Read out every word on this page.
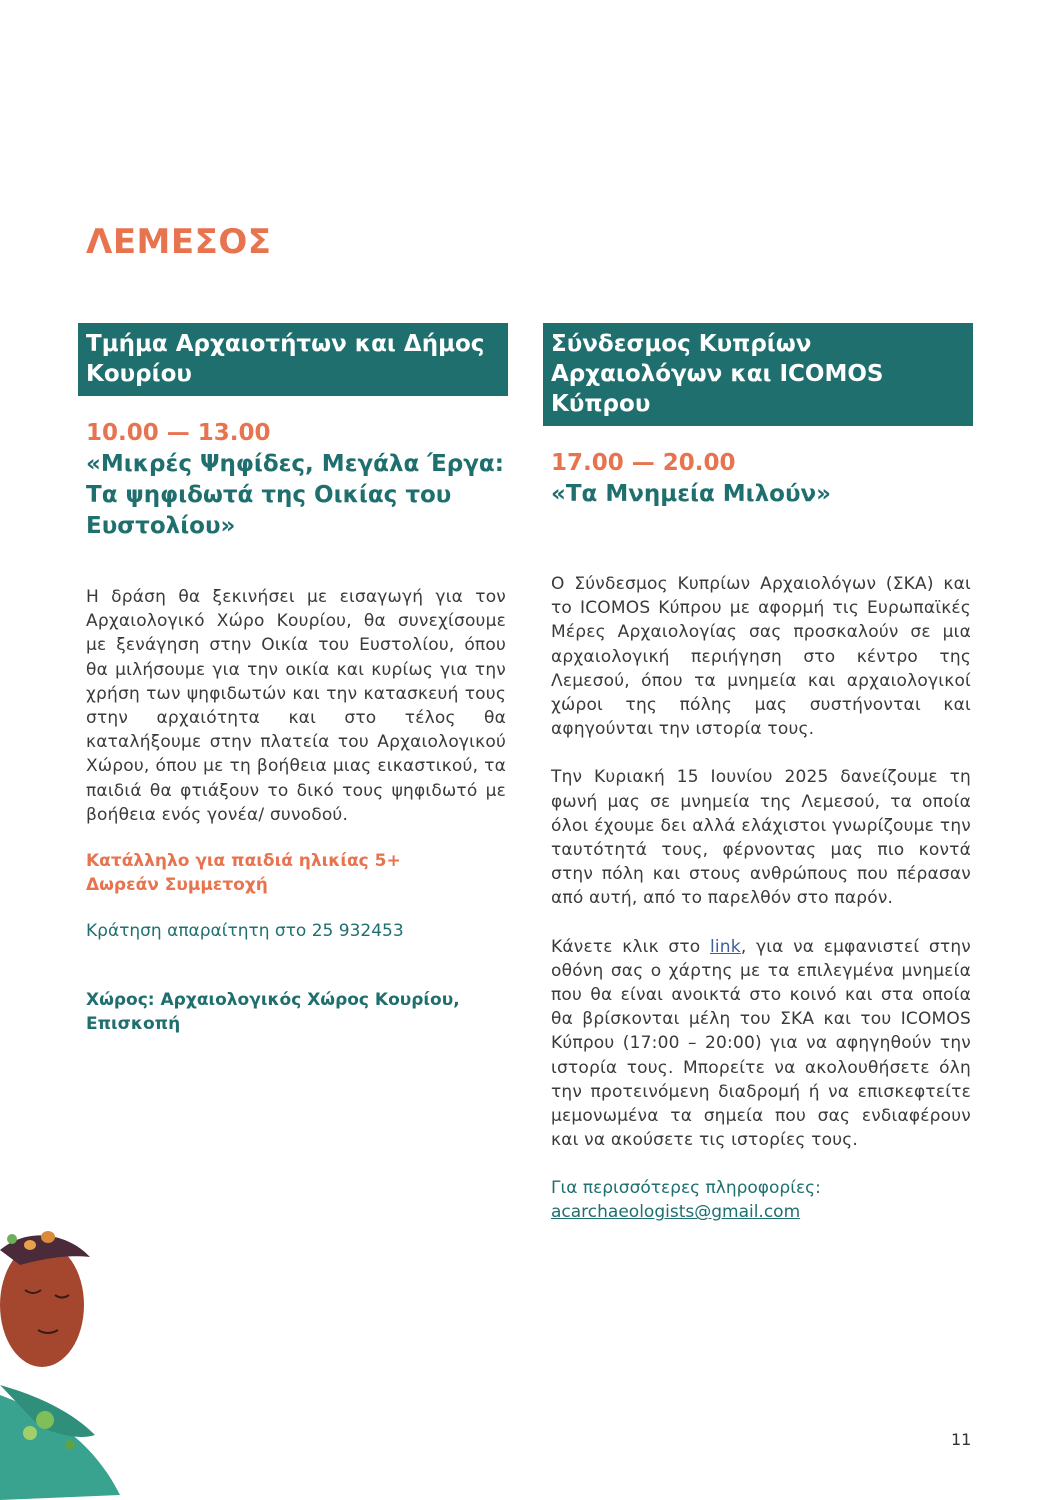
ΛΕΜΕΣΟΣ
Τμήμα Αρχαιοτήτων και Δήμος Κουρίου
10.00 — 13.00
«Μικρές Ψηφίδες, Μεγάλα Έργα: Τα ψηφιδωτά της Οικίας του Ευστολίου»

Η δράση θα ξεκινήσει με εισαγωγή για τον Αρχαιολογικό Χώρο Κουρίου, θα συνεχίσουμε με ξενάγηση στην Οικία του Ευστολίου, όπου θα μιλήσουμε για την οικία και κυρίως για την χρήση των ψηφιδωτών και την κατασκευή τους στην αρχαιότητα και στο τέλος θα καταλήξουμε στην πλατεία του Αρχαιολογικού Χώρου, όπου με τη βοήθεια μιας εικαστικού, τα παιδιά θα φτιάξουν το δικό τους ψηφιδωτό με βοήθεια ενός γονέα/ συνοδού.

Κατάλληλο για παιδιά ηλικίας 5+

Δωρεάν Συμμετοχή

Κράτηση απαραίτητη στο 25 932453

Χώρος: Αρχαιολογικός Χώρος Κουρίου, Επισκοπή

Σύνδεσμος Κυπρίων Αρχαιολόγων και ICOMOS Κύπρου
17.00 — 20.00
«Τα Μνημεία Μιλούν»

Ο Σύνδεσμος Κυπρίων Αρχαιολόγων (ΣΚΑ) και το ICOMOS Κύπρου με αφορμή τις Ευρωπαϊκές Μέρες Αρχαιολογίας σας προσκαλούν σε μια αρχαιολογική περιήγηση στο κέντρο της Λεμεσού, όπου τα μνημεία και αρχαιολογικοί χώροι της πόλης μας συστήνονται και αφηγούνται την ιστορία τους.

Την Κυριακή 15 Ιουνίου 2025 δανείζουμε τη φωνή μας σε μνημεία της Λεμεσού, τα οποία όλοι έχουμε δει αλλά ελάχιστοι γνωρίζουμε την ταυτότητά τους, φέρνοντας μας πιο κοντά στην πόλη και στους ανθρώπους που πέρασαν από αυτή, από το παρελθόν στο παρόν.

Κάνετε κλικ στο link, για να εμφανιστεί στην οθόνη σας ο χάρτης με τα επιλεγμένα μνημεία που θα είναι ανοικτά στο κοινό και στα οποία θα βρίσκονται μέλη του ΣΚΑ και του ICOMOS Κύπρου (17:00 – 20:00) για να αφηγηθούν την ιστορία τους. Μπορείτε να ακολουθήσετε όλη την προτεινόμενη διαδρομή ή να επισκεφτείτε μεμονωμένα τα σημεία που σας ενδιαφέρουν και να ακούσετε τις ιστορίες τους.

Για περισσότερες πληροφορίες:

acarchaeologists@gmail.com

11
